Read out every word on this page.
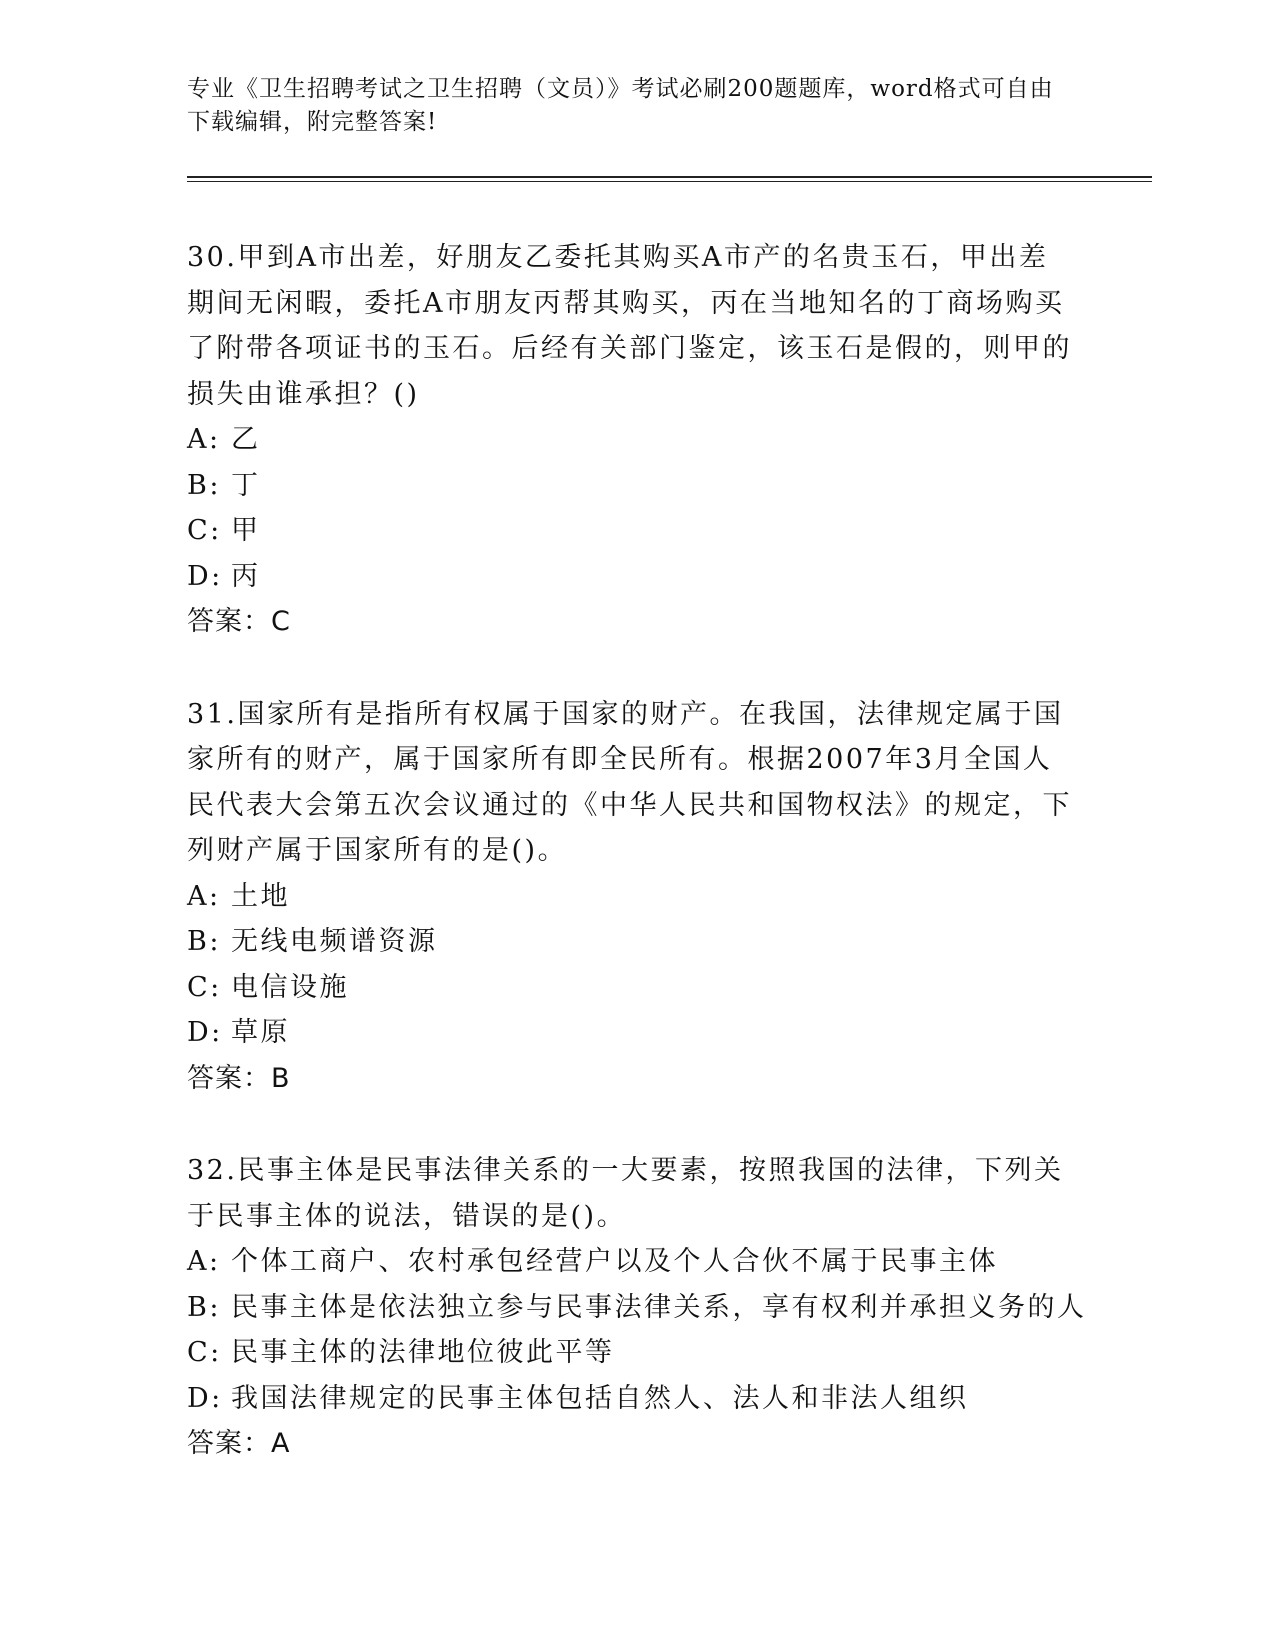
专业《卫生招聘考试之卫生招聘（文员）》考试必刷200题题库，word格式可自由下载编辑，附完整答案!

30.甲到A市出差，好朋友乙委托其购买A市产的名贵玉石，甲出差期间无闲暇，委托A市朋友丙帮其购买，丙在当地知名的丁商场购买了附带各项证书的玉石。后经有关部门鉴定，该玉石是假的，则甲的损失由谁承担？()

A: 乙

B: 丁

C: 甲

D: 丙

答案：C

31.国家所有是指所有权属于国家的财产。在我国，法律规定属于国家所有的财产，属于国家所有即全民所有。根据2007年3月全国人民代表大会第五次会议通过的《中华人民共和国物权法》的规定，下列财产属于国家所有的是()。

A: 土地

B: 无线电频谱资源

C: 电信设施

D: 草原

答案：B

32.民事主体是民事法律关系的一大要素，按照我国的法律，下列关于民事主体的说法，错误的是()。

A: 个体工商户、农村承包经营户以及个人合伙不属于民事主体

B: 民事主体是依法独立参与民事法律关系，享有权利并承担义务的人

C: 民事主体的法律地位彼此平等

D: 我国法律规定的民事主体包括自然人、法人和非法人组织

答案：A
